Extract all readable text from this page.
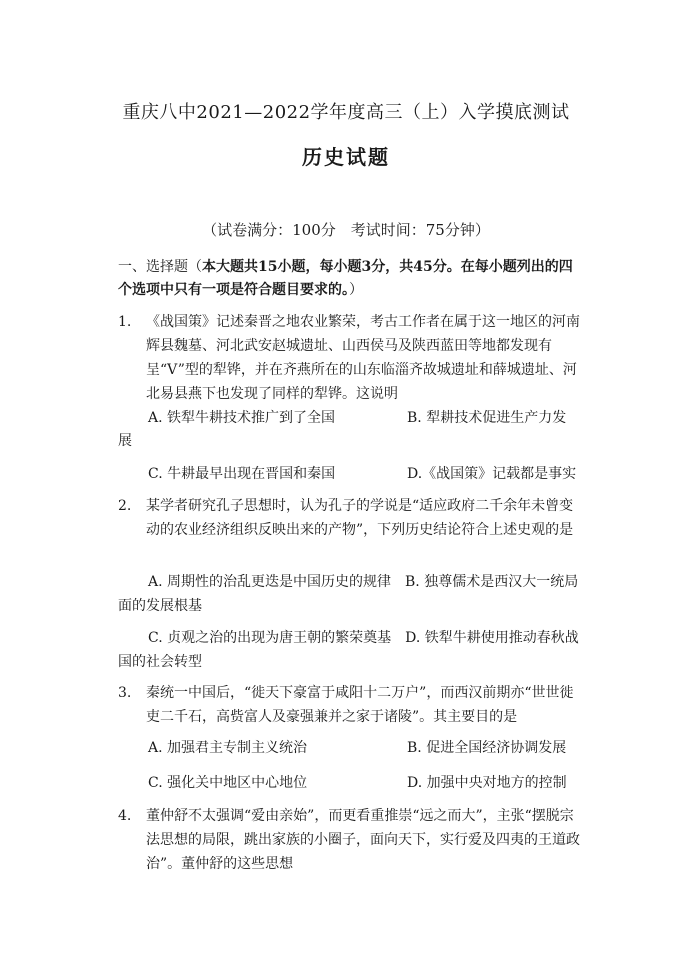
重庆八中2021—2022学年度高三（上）入学摸底测试
历史试题
（试卷满分：100分　考试时间：75分钟）
一、选择题（本大题共15小题，每小题3分，共45分。在每小题列出的四个选项中只有一项是符合题目要求的。）
1.	《战国策》记述秦晋之地农业繁荣，考古工作者在属于这一地区的河南辉县魏墓、河北武安赵城遗址、山西侯马及陕西蓝田等地都发现有呈“V”型的犁铧，并在齐燕所在的山东临淄齐故城遗址和薛城遗址、河北易县燕下也发现了同样的犁铧。这说明
A. 铁犁牛耕技术推广到了全国	B. 犁耕技术促进生产力发
展
C. 牛耕最早出现在晋国和秦国	D.《战国策》记载都是事实
2.	某学者研究孔子思想时，认为孔子的学说是“适应政府二千余年未曾变动的农业经济组织反映出来的产物”，下列历史结论符合上述史观的是
A. 周期性的治乱更迭是中国历史的规律　 B. 独尊儒术是西汉大一统局面的发展根基
C. 贞观之治的出现为唐王朝的繁荣奠基　 D. 铁犁牛耕使用推动春秋战国的社会转型
3.	秦统一中国后，“徙天下豪富于咸阳十二万户”，而西汉前期亦“世世徙吏二千石，高赀富人及豪强兼并之家于诸陵”。其主要目的是
A. 加强君主专制主义统治	B. 促进全国经济协调发展
C. 强化关中地区中心地位	D. 加强中央对地方的控制
4.	董仲舒不太强调“爱由亲始”，而更看重推崇“远之而大”，主张“摆脱宗法思想的局限，跳出家族的小圈子，面向天下，实行爱及四夷的王道政治”。董仲舒的这些思想
